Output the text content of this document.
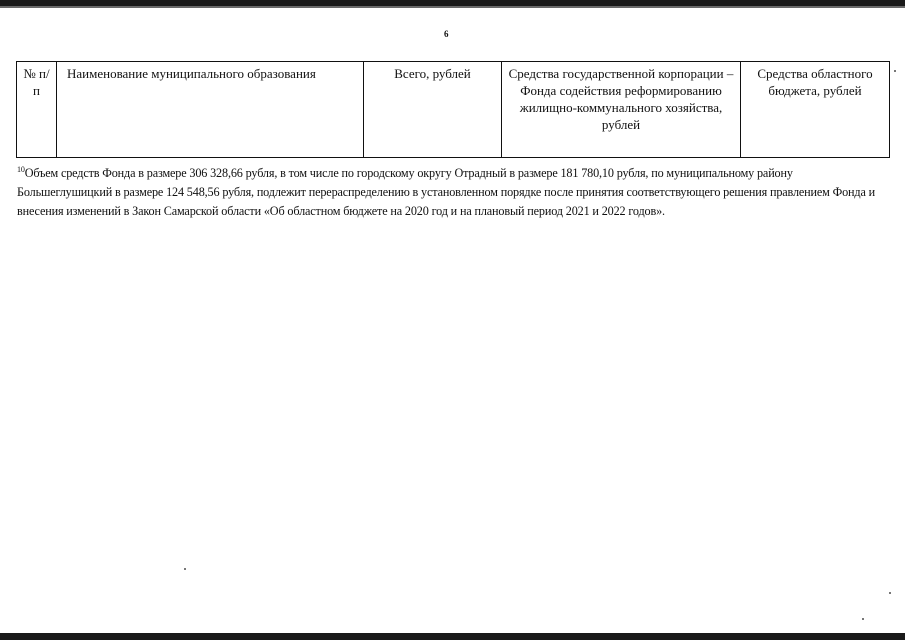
6
№ п/п	Наименование муниципального образования	Всего, рублей	Средства государственной корпорации – Фонда содействия реформированию жилищно-коммунального хозяйства, рублей	Средства областного бюджета, рублей
$^{10}$Объем средств Фонда в размере 306 328,66 рубля, в том числе по городскому округу Отрадный в размере 181 780,10 рубля, по муниципальному району Большеглушицкий в размере 124 548,56 рубля, подлежит перераспределению в установленном порядке после принятия соответствующего решения правлением Фонда и внесения изменений в Закон Самарской области «Об областном бюджете на 2020 год и на плановый период 2021 и 2022 годов».
